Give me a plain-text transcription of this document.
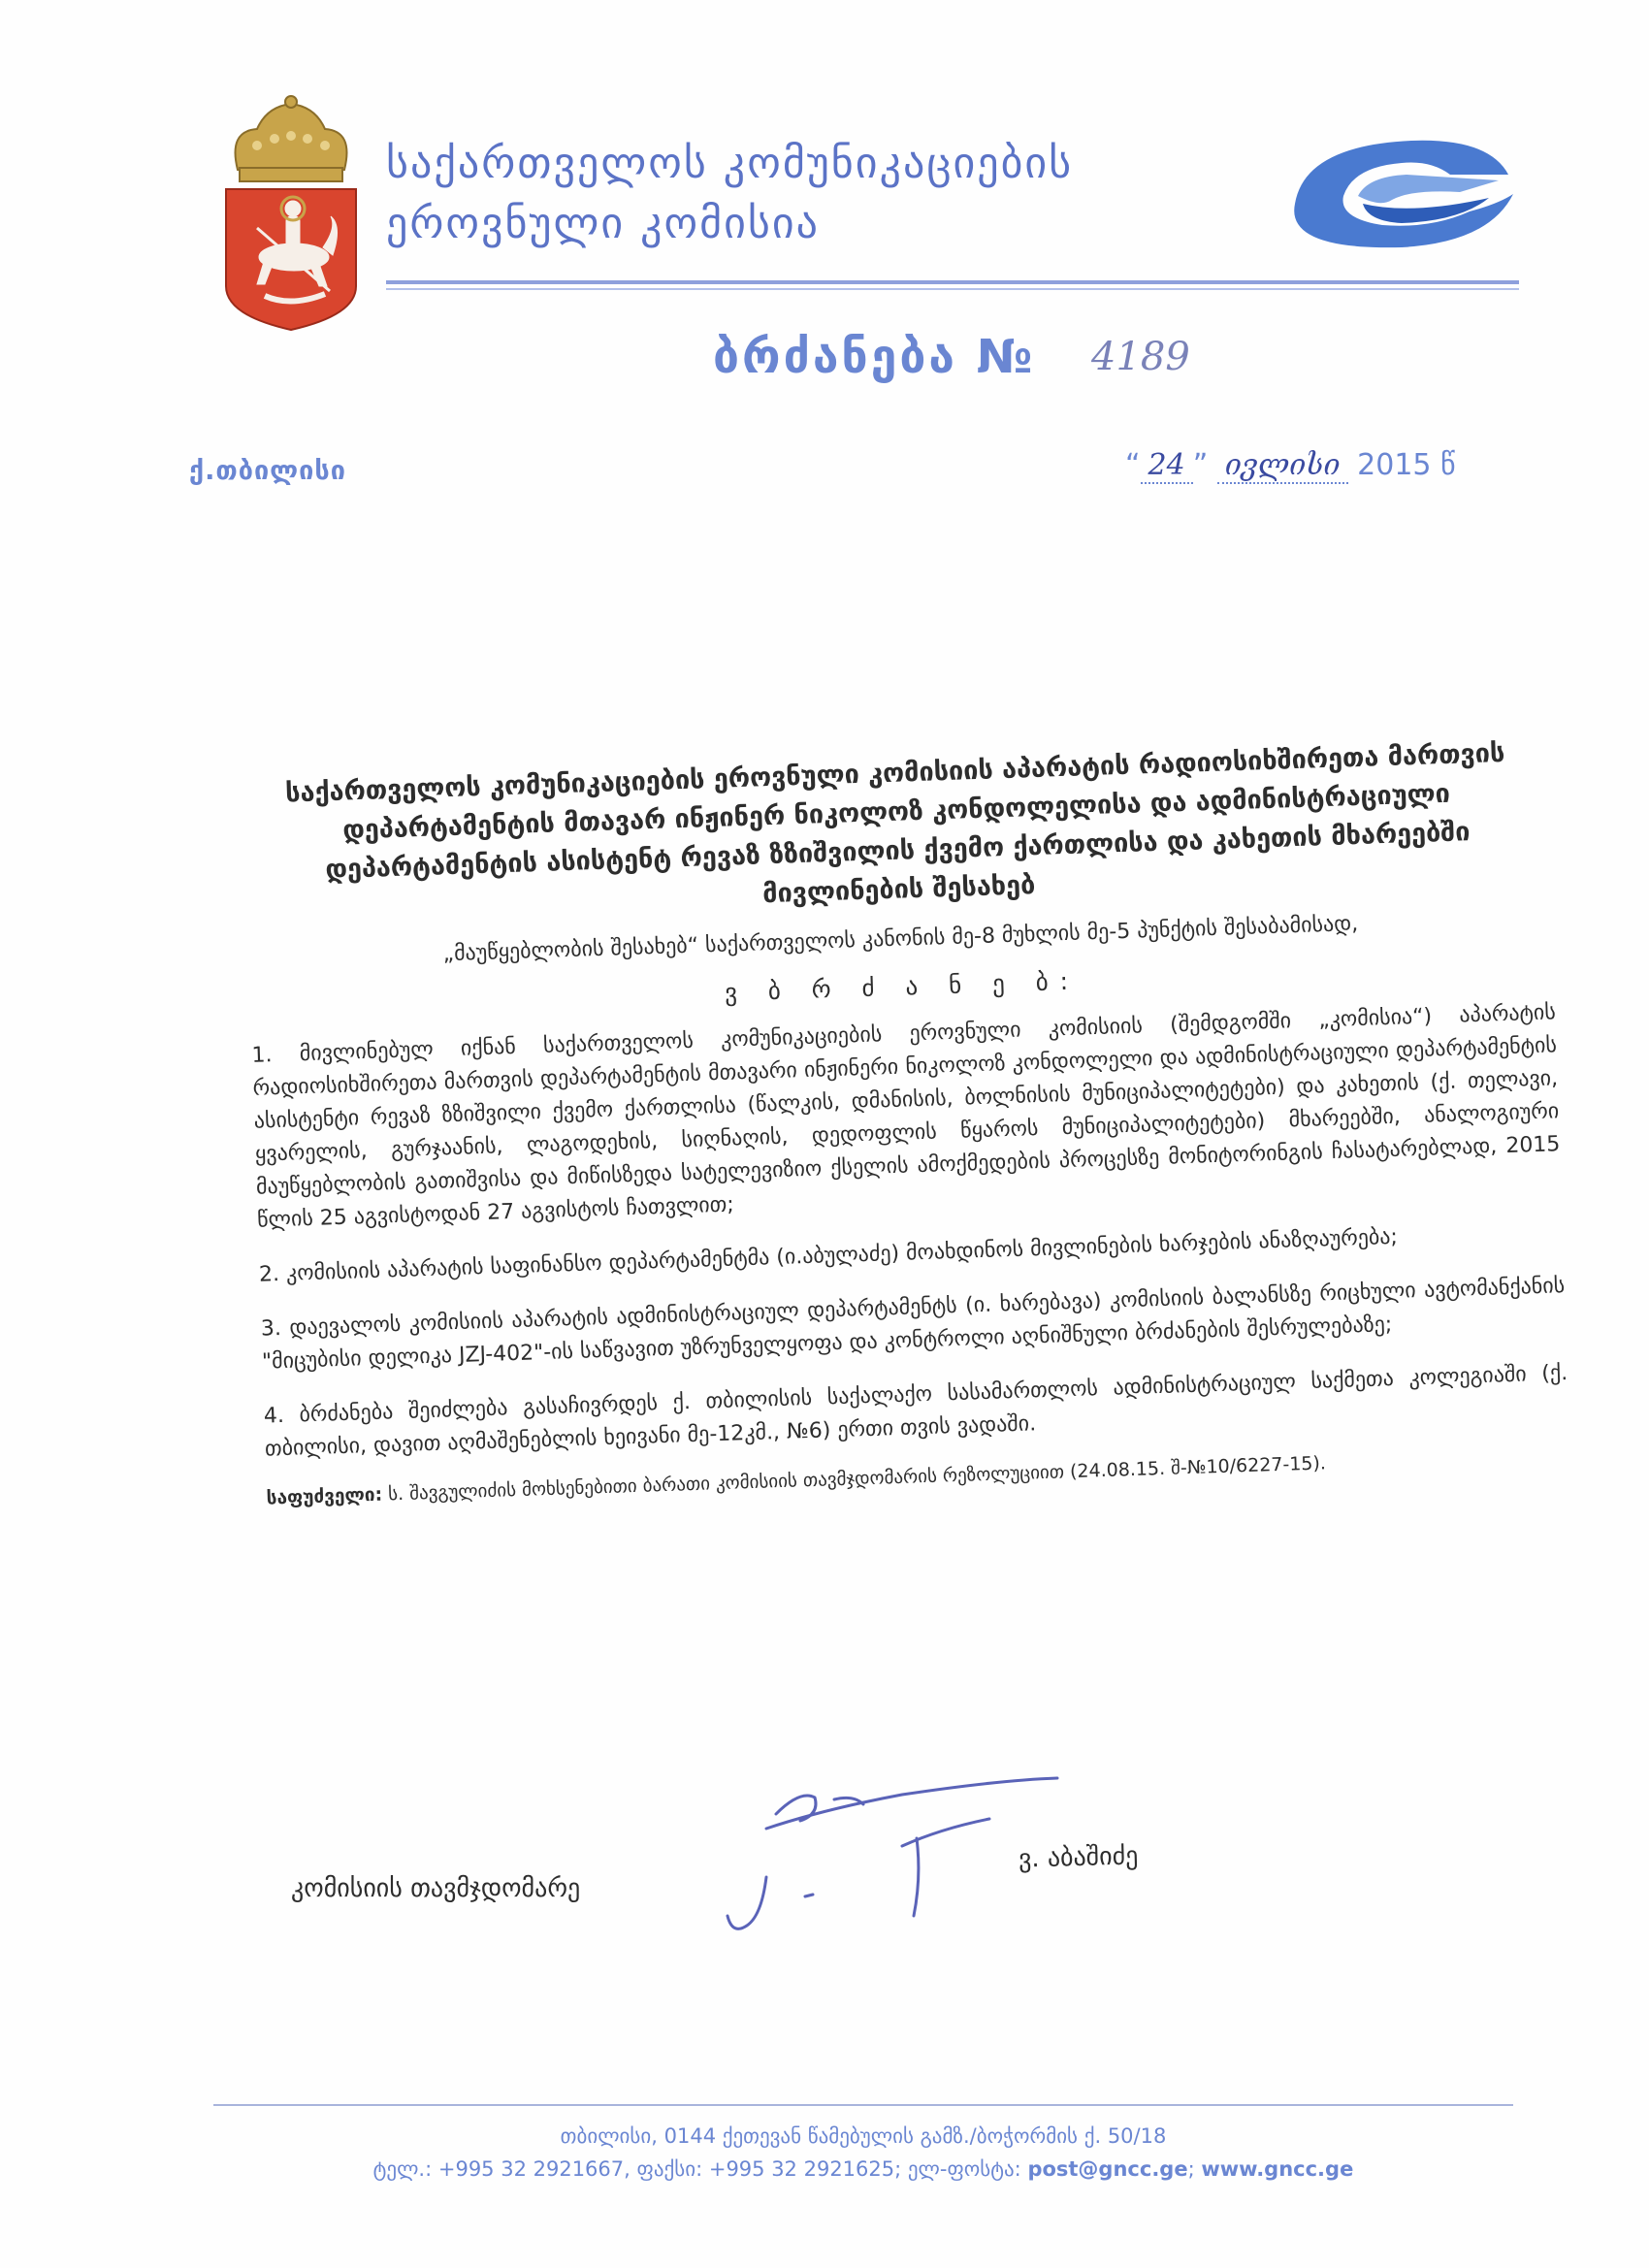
საქართველოს კომუნიკაციების
ეროვნული კომისია
ბრძანება № 4189
ქ.თბილისი	“ 24 ” ივლისი 2015 წ

საქართველოს კომუნიკაციების ეროვნული კომისიის აპარატის რადიოსიხშირეთა მართვის დეპარტამენტის მთავარ ინჟინერ ნიკოლოზ კონდოლელისა და ადმინისტრაციული დეპარტამენტის ასისტენტ რევაზ ზზიშვილის ქვემო ქართლისა და კახეთის მხარეებში მივლინების შესახებ

„მაუწყებლობის შესახებ“ საქართველოს კანონის მე-8 მუხლის მე-5 პუნქტის შესაბამისად,

ვ ბ რ ძ ა ნ ე ბ:

1. მივლინებულ იქნან საქართველოს კომუნიკაციების ეროვნული კომისიის (შემდგომში „კომისია“) აპარატის რადიოსიხშირეთა მართვის დეპარტამენტის მთავარი ინჟინერი ნიკოლოზ კონდოლელი და ადმინისტრაციული დეპარტამენტის ასისტენტი რევაზ ზზიშვილი ქვემო ქართლისა (წალკის, დმანისის, ბოლნისის მუნიციპალიტეტები) და კახეთის (ქ. თელავი, ყვარელის, გურჯაანის, ლაგოდეხის, სიღნაღის, დედოფლის წყაროს მუნიციპალიტეტები) მხარეებში, ანალოგიური მაუწყებლობის გათიშვისა და მიწისზედა სატელევიზიო ქსელის ამოქმედების პროცესზე მონიტორინგის ჩასატარებლად, 2015 წლის 25 აგვისტოდან 27 აგვისტოს ჩათვლით;

2. კომისიის აპარატის საფინანსო დეპარტამენტმა (ი.აბულაძე) მოახდინოს მივლინების ხარჯების ანაზღაურება;

3. დაევალოს კომისიის აპარატის ადმინისტრაციულ დეპარტამენტს (ი. ხარებავა) კომისიის ბალანსზე რიცხული ავტომანქანის "მიცუბისი დელიკა JZJ-402"-ის საწვავით უზრუნველყოფა და კონტროლი აღნიშნული ბრძანების შესრულებაზე;

4. ბრძანება შეიძლება გასაჩივრდეს ქ. თბილისის საქალაქო სასამართლოს ადმინისტრაციულ საქმეთა კოლეგიაში (ქ. თბილისი, დავით აღმაშენებლის ხეივანი მე-12კმ., №6) ერთი თვის ვადაში.

საფუძველი: ს. შავგულიძის მოხსენებითი ბარათი კომისიის თავმჯდომარის რეზოლუციით (24.08.15. შ-№10/6227-15).

კომისიის თავმჯდომარე
ვ. აბაშიძე
თბილისი, 0144 ქეთევან წამებულის გამზ./ბოჭორმის ქ. 50/18
ტელ.: +995 32 2921667, ფაქსი: +995 32 2921625; ელ-ფოსტა: post@gncc.ge; www.gncc.ge
